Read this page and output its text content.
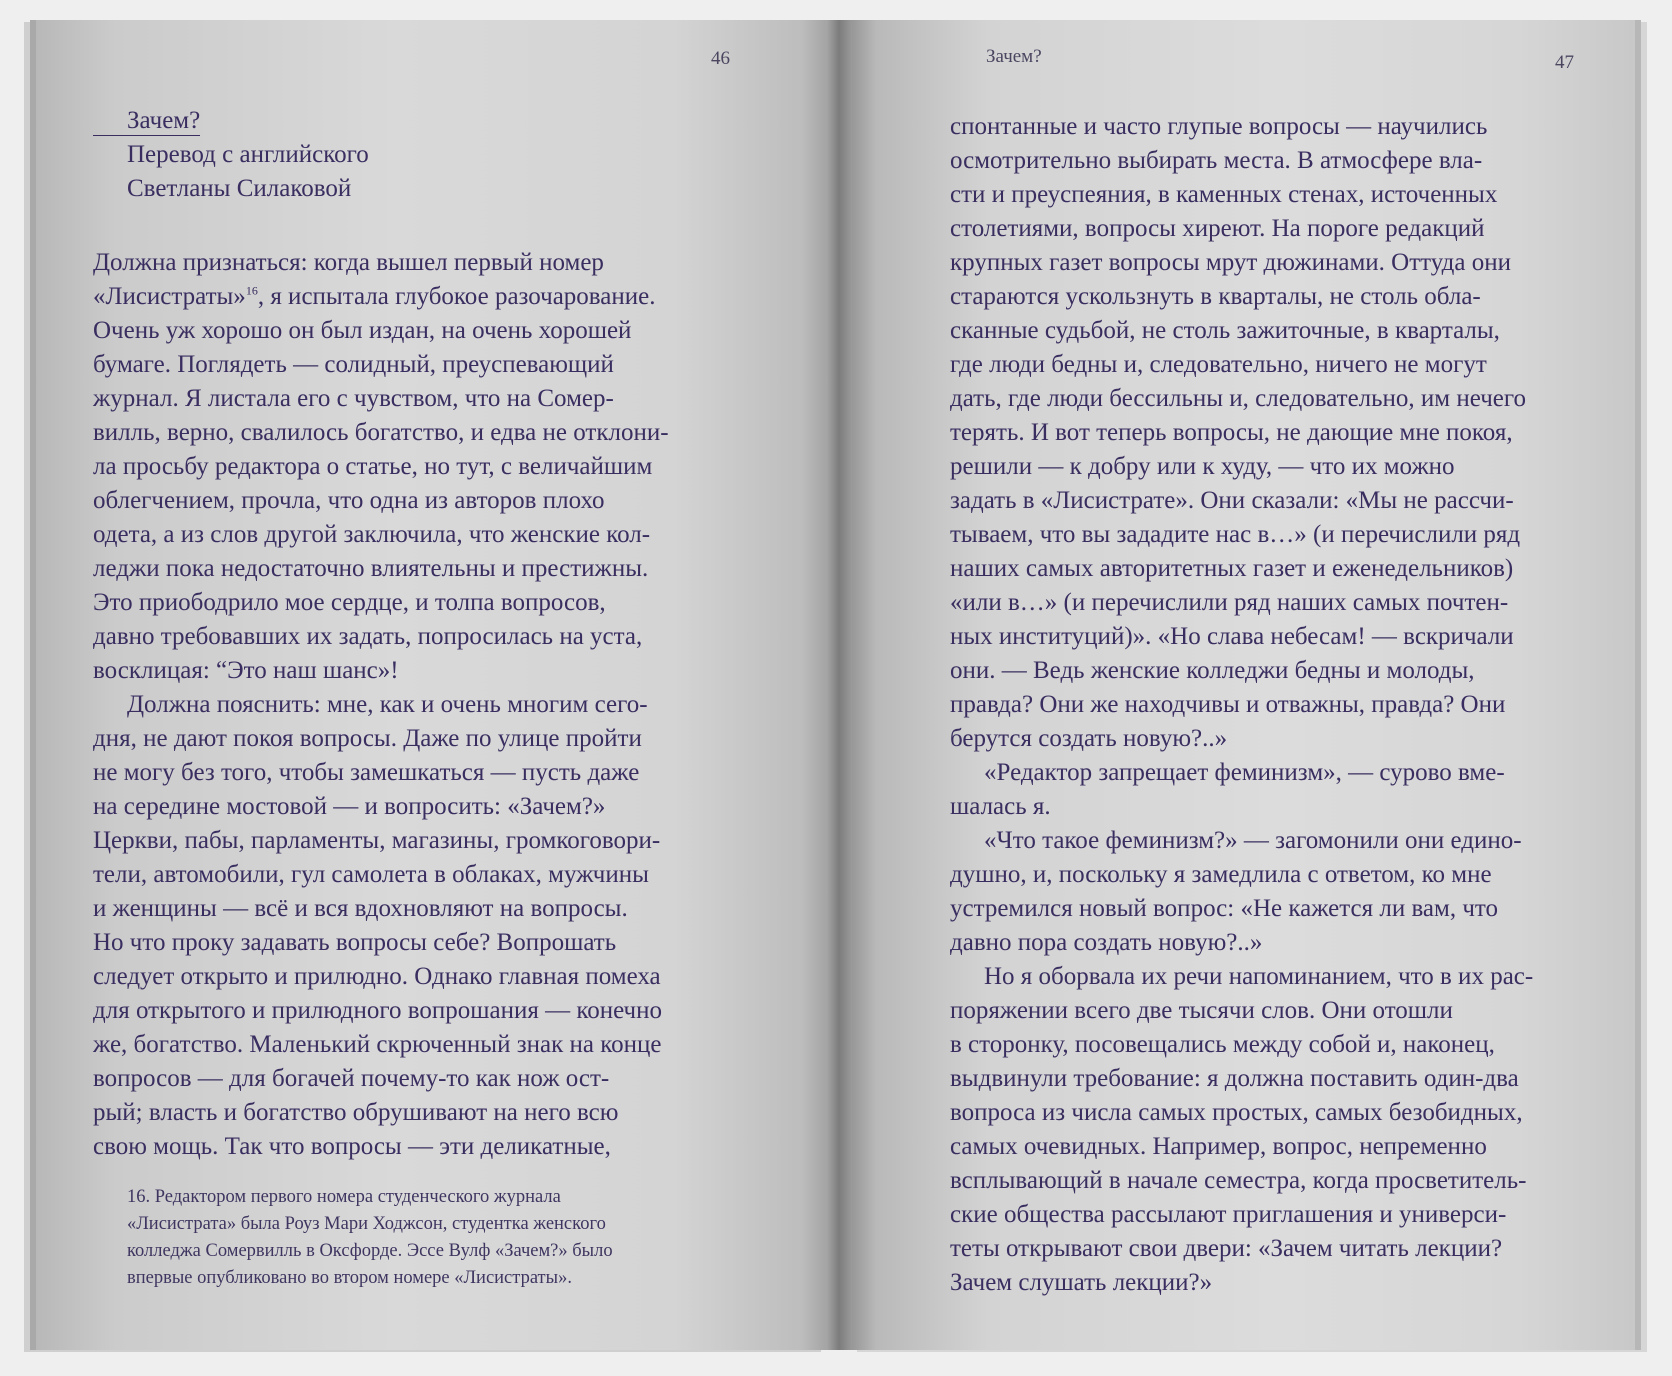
46
Зачем?
Перевод с английского
Светланы Силаковой
Должна признаться: когда вышел первый номер
«Лисистраты»$^{16}$, я испытала глубокое разочарование.
Очень уж хорошо он был издан, на очень хорошей
бумаге. Поглядеть — солидный, преуспевающий
журнал. Я листала его с чувством, что на Сомер-
вилль, верно, свалилось богатство, и едва не отклони-
ла просьбу редактора о статье, но тут, с величайшим
облегчением, прочла, что одна из авторов плохо
одета, а из слов другой заключила, что женские кол-
леджи пока недостаточно влиятельны и престижны.
Это приободрило мое сердце, и толпа вопросов,
давно требовавших их задать, попросилась на уста,
восклицая: “Это наш шанс»!
Должна пояснить: мне, как и очень многим сего-
дня, не дают покоя вопросы. Даже по улице пройти
не могу без того, чтобы замешкаться — пусть даже
на середине мостовой — и вопросить: «Зачем?»
Церкви, пабы, парламенты, магазины, громкоговори-
тели, автомобили, гул самолета в облаках, мужчины
и женщины — всё и вся вдохновляют на вопросы.
Но что проку задавать вопросы себе? Вопрошать
следует открыто и прилюдно. Однако главная помеха
для открытого и прилюдного вопрошания — конечно
же, богатство. Маленький скрюченный знак на конце
вопросов — для богачей почему-то как нож ост-
рый; власть и богатство обрушивают на него всю
свою мощь. Так что вопросы — эти деликатные,
16. Редактором первого номера студенческого журнала
«Лисистрата» была Роуз Мари Ходжсон, студентка женского
колледжа Сомервилль в Оксфорде. Эссе Вулф «Зачем?» было
впервые опубликовано во втором номере «Лисистраты».
Зачем?	47
спонтанные и часто глупые вопросы — научились
осмотрительно выбирать места. В атмосфере вла-
сти и преуспеяния, в каменных стенах, источенных
столетиями, вопросы хиреют. На пороге редакций
крупных газет вопросы мрут дюжинами. Оттуда они
стараются ускользнуть в кварталы, не столь обла-
сканные судьбой, не столь зажиточные, в кварталы,
где люди бедны и, следовательно, ничего не могут
дать, где люди бессильны и, следовательно, им нечего
терять. И вот теперь вопросы, не дающие мне покоя,
решили — к добру или к худу, — что их можно
задать в «Лисистрате». Они сказали: «Мы не рассчи-
тываем, что вы зададите нас в…» (и перечислили ряд
наших самых авторитетных газет и еженедельников)
«или в…» (и перечислили ряд наших самых почтен-
ных институций)». «Но слава небесам! — вскричали
они. — Ведь женские колледжи бедны и молоды,
правда? Они же находчивы и отважны, правда? Они
берутся создать новую?..»
«Редактор запрещает феминизм», — сурово вме-
шалась я.
«Что такое феминизм?» — загомонили они едино-
душно, и, поскольку я замедлила с ответом, ко мне
устремился новый вопрос: «Не кажется ли вам, что
давно пора создать новую?..»
Но я оборвала их речи напоминанием, что в их рас-
поряжении всего две тысячи слов. Они отошли
в сторонку, посовещались между собой и, наконец,
выдвинули требование: я должна поставить один-два
вопроса из числа самых простых, самых безобидных,
самых очевидных. Например, вопрос, непременно
всплывающий в начале семестра, когда просветитель-
ские общества рассылают приглашения и универси-
теты открывают свои двери: «Зачем читать лекции?
Зачем слушать лекции?»
